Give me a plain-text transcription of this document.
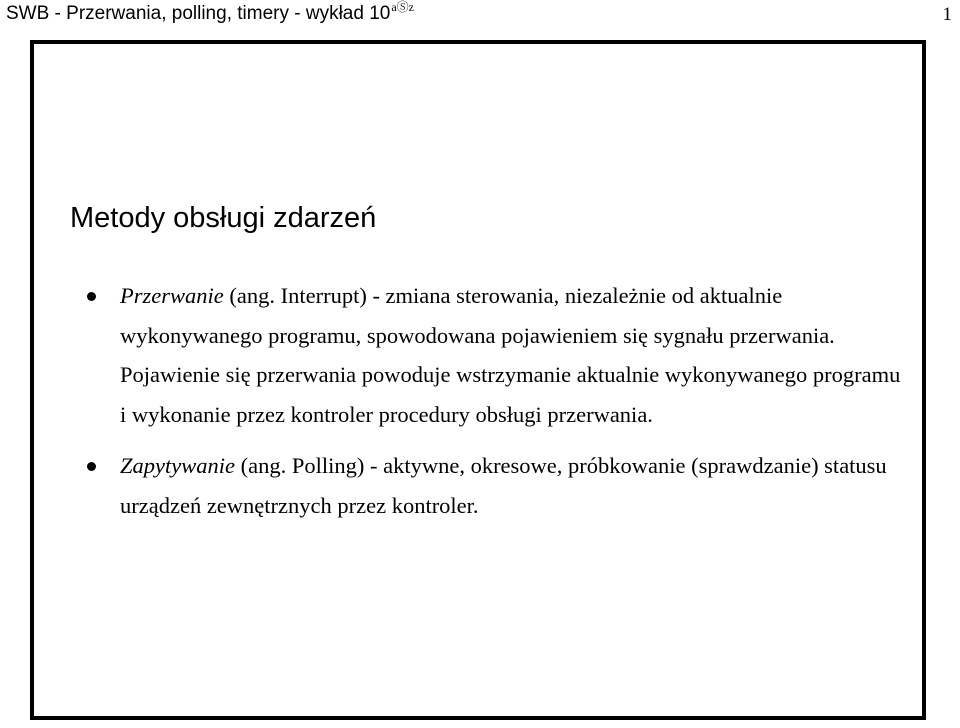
SWB - Przerwania, polling, timery - wykład $10^{aⓈz}$	1
Metody obsługi zdarzeń
Przerwanie (ang. Interrupt) - zmiana sterowania, niezależnie od aktualnie wykonywanego programu, spowodowana pojawieniem się sygnału przerwania. Pojawienie się przerwania powoduje wstrzymanie aktualnie wykonywanego programu i wykonanie przez kontroler procedury obsługi przerwania.
Zapytywanie (ang. Polling) - aktywne, okresowe, próbkowanie (sprawdzanie) statusu urządzeń zewnętrznych przez kontroler.
